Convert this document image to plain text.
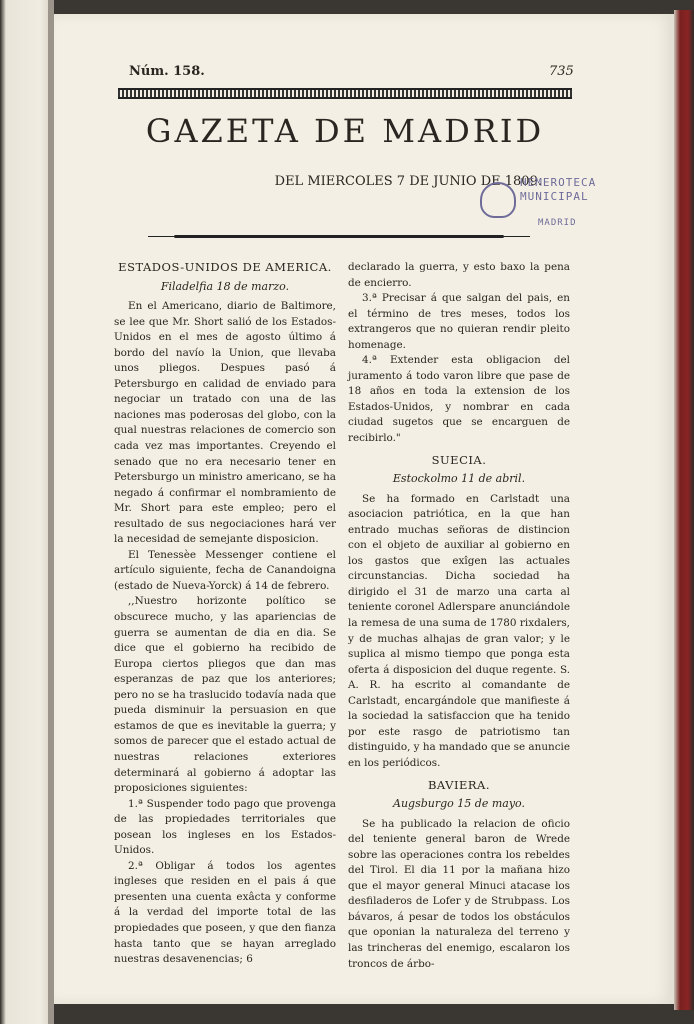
Núm. 158.	735
GAZETA DE MADRID
DEL MIERCOLES 7 DE JUNIO DE 1809.
HEMEROTECA
MUNICIPAL
MADRID
ESTADOS-UNIDOS DE AMERICA.
Filadelfia 18 de marzo.

En el Americano, diario de Baltimore, se lee que Mr. Short salió de los Estados-Unidos en el mes de agosto último á bordo del navío la Union, que llevaba unos pliegos. Despues pasó á Petersburgo en calidad de enviado para negociar un tratado con una de las naciones mas poderosas del globo, con la qual nuestras relaciones de comercio son cada vez mas importantes. Creyendo el senado que no era necesario tener en Petersburgo un ministro americano, se ha negado á confirmar el nombramiento de Mr. Short para este empleo; pero el resultado de sus negociaciones hará ver la necesidad de semejante disposicion.

El Tenessèe Messenger contiene el artículo siguiente, fecha de Canandoigna (estado de Nueva-Yorck) á 14 de febrero.

,,Nuestro horizonte político se obscurece mucho, y las apariencias de guerra se aumentan de dia en dia. Se dice que el gobierno ha recibido de Europa ciertos pliegos que dan mas esperanzas de paz que los anteriores; pero no se ha traslucido todavía nada que pueda disminuir la persuasion en que estamos de que es inevitable la guerra; y somos de parecer que el estado actual de nuestras relaciones exteriores determinará al gobierno á adoptar las proposiciones siguientes:

1.ª Suspender todo pago que provenga de las propiedades territoriales que posean los ingleses en los Estados-Unidos.

2.ª Obligar á todos los agentes ingleses que residen en el pais á que presenten una cuenta exâcta y conforme á la verdad del importe total de las propiedades que poseen, y que den fianza hasta tanto que se hayan arreglado nuestras desavenencias; 6

declarado la guerra, y esto baxo la pena de encierro.

3.ª Precisar á que salgan del pais, en el término de tres meses, todos los extrangeros que no quieran rendir pleito homenage.

4.ª Extender esta obligacion del juramento á todo varon libre que pase de 18 años en toda la extension de los Estados-Unidos, y nombrar en cada ciudad sugetos que se encarguen de recibirlo."

SUECIA.
Estockolmo 11 de abril.

Se ha formado en Carlstadt una asociacion patriótica, en la que han entrado muchas señoras de distincion con el objeto de auxiliar al gobierno en los gastos que exîgen las actuales circunstancias. Dicha sociedad ha dirigido el 31 de marzo una carta al teniente coronel Adlerspare anunciándole la remesa de una suma de 1780 rixdalers, y de muchas alhajas de gran valor; y le suplica al mismo tiempo que ponga esta oferta á disposicion del duque regente. S. A. R. ha escrito al comandante de Carlstadt, encargándole que manifieste á la sociedad la satisfaccion que ha tenido por este rasgo de patriotismo tan distinguido, y ha mandado que se anuncie en los periódicos.

BAVIERA.
Augsburgo 15 de mayo.

Se ha publicado la relacion de oficio del teniente general baron de Wrede sobre las operaciones contra los rebeldes del Tirol. El dia 11 por la mañana hizo que el mayor general Minuci atacase los desfiladeros de Lofer y de Strubpass. Los bávaros, á pesar de todos los obstáculos que oponian la naturaleza del terreno y las trincheras del enemigo, escalaron los troncos de árbo-
